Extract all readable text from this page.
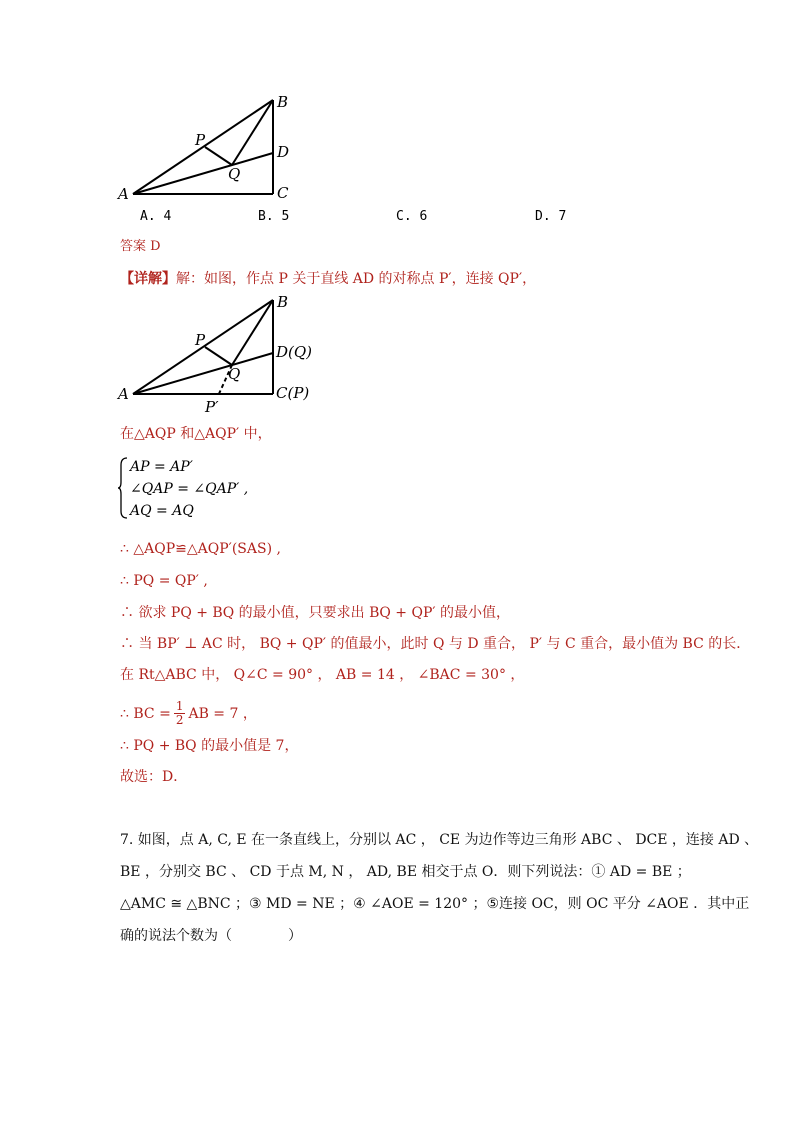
A
B
C
D
P
Q
A. 4	B. 5	C. 6	D. 7
答案 D
【详解】解：如图，作点 P 关于直线 AD 的对称点 P′，连接 QP′，
A
B
C(P)
D(Q)
P
Q
P′
在△AQP 和△AQP′ 中，
AP = AP′
∠QAP = ∠QAP′ ,
AQ = AQ
∴ △AQP≌△AQP′(SAS) ,
∴ PQ = QP′ ,
∴ 欲求 PQ + BQ 的最小值，只要求出 BQ + QP′ 的最小值，
∴ 当 BP′ ⊥ AC 时， BQ + QP′ 的值最小，此时 Q 与 D 重合， P′ 与 C 重合，最小值为 BC 的长．
在 Rt△ABC 中， Q∠C = 90° ， AB = 14 ， ∠BAC = 30° ，
∴ BC = $\frac{1}{2}$ AB = 7 ，
∴ PQ + BQ 的最小值是 7，
故选：D．
7. 如图，点 A, C, E 在一条直线上，分别以 AC ， CE 为边作等边三角形 ABC 、 DCE ，连接 AD 、
BE ，分别交 BC 、 CD 于点 M, N ， AD, BE 相交于点 O．则下列说法：① AD = BE ；
△AMC ≅ △BNC ；③ MD = NE ；④ ∠AOE = 120° ；⑤连接 OC，则 OC 平分 ∠AOE ．其中正
确的说法个数为（　　　　）
